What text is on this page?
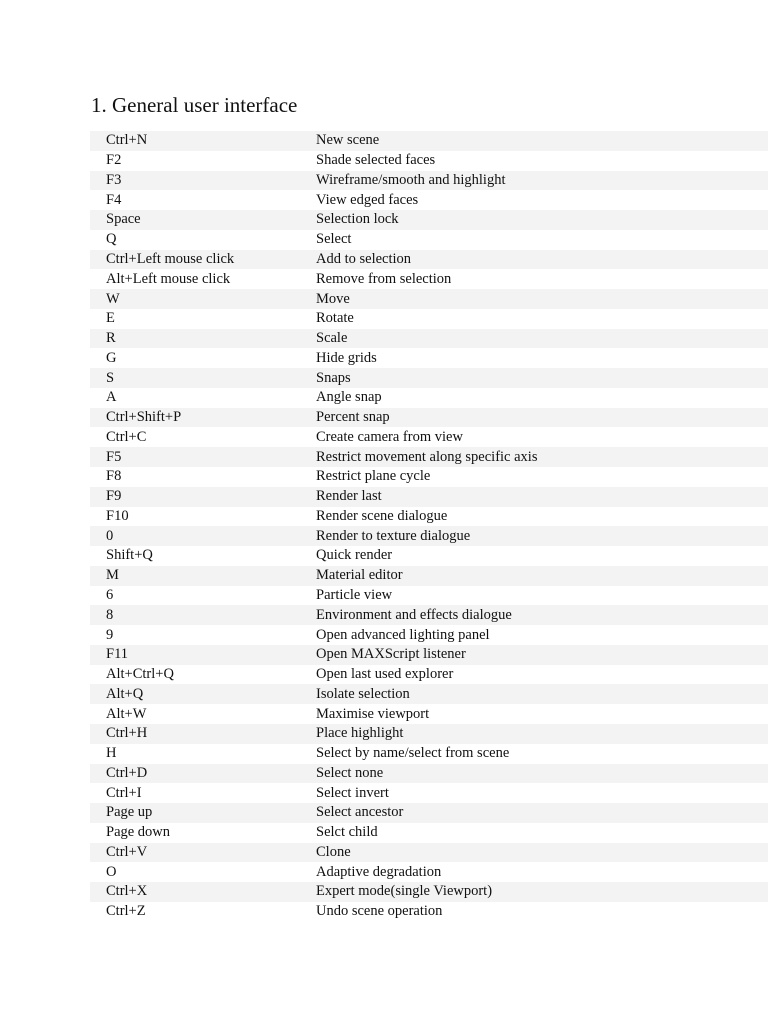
1. General user interface
Ctrl+N	New scene
F2	Shade selected faces
F3	Wireframe/smooth and highlight
F4	View edged faces
Space	Selection lock
Q	Select
Ctrl+Left mouse click	Add to selection
Alt+Left mouse click	Remove from selection
W	Move
E	Rotate
R	Scale
G	Hide grids
S	Snaps
A	Angle snap
Ctrl+Shift+P	Percent snap
Ctrl+C	Create camera from view
F5	Restrict movement along specific axis
F8	Restrict plane cycle
F9	Render last
F10	Render scene dialogue
0	Render to texture dialogue
Shift+Q	Quick render
M	Material editor
6	Particle view
8	Environment and effects dialogue
9	Open advanced lighting panel
F11	Open MAXScript listener
Alt+Ctrl+Q	Open last used explorer
Alt+Q	Isolate selection
Alt+W	Maximise viewport
Ctrl+H	Place highlight
H	Select by name/select from scene
Ctrl+D	Select none
Ctrl+I	Select invert
Page up	Select ancestor
Page down	Selct child
Ctrl+V	Clone
O	Adaptive degradation
Ctrl+X	Expert mode(single Viewport)
Ctrl+Z	Undo scene operation
